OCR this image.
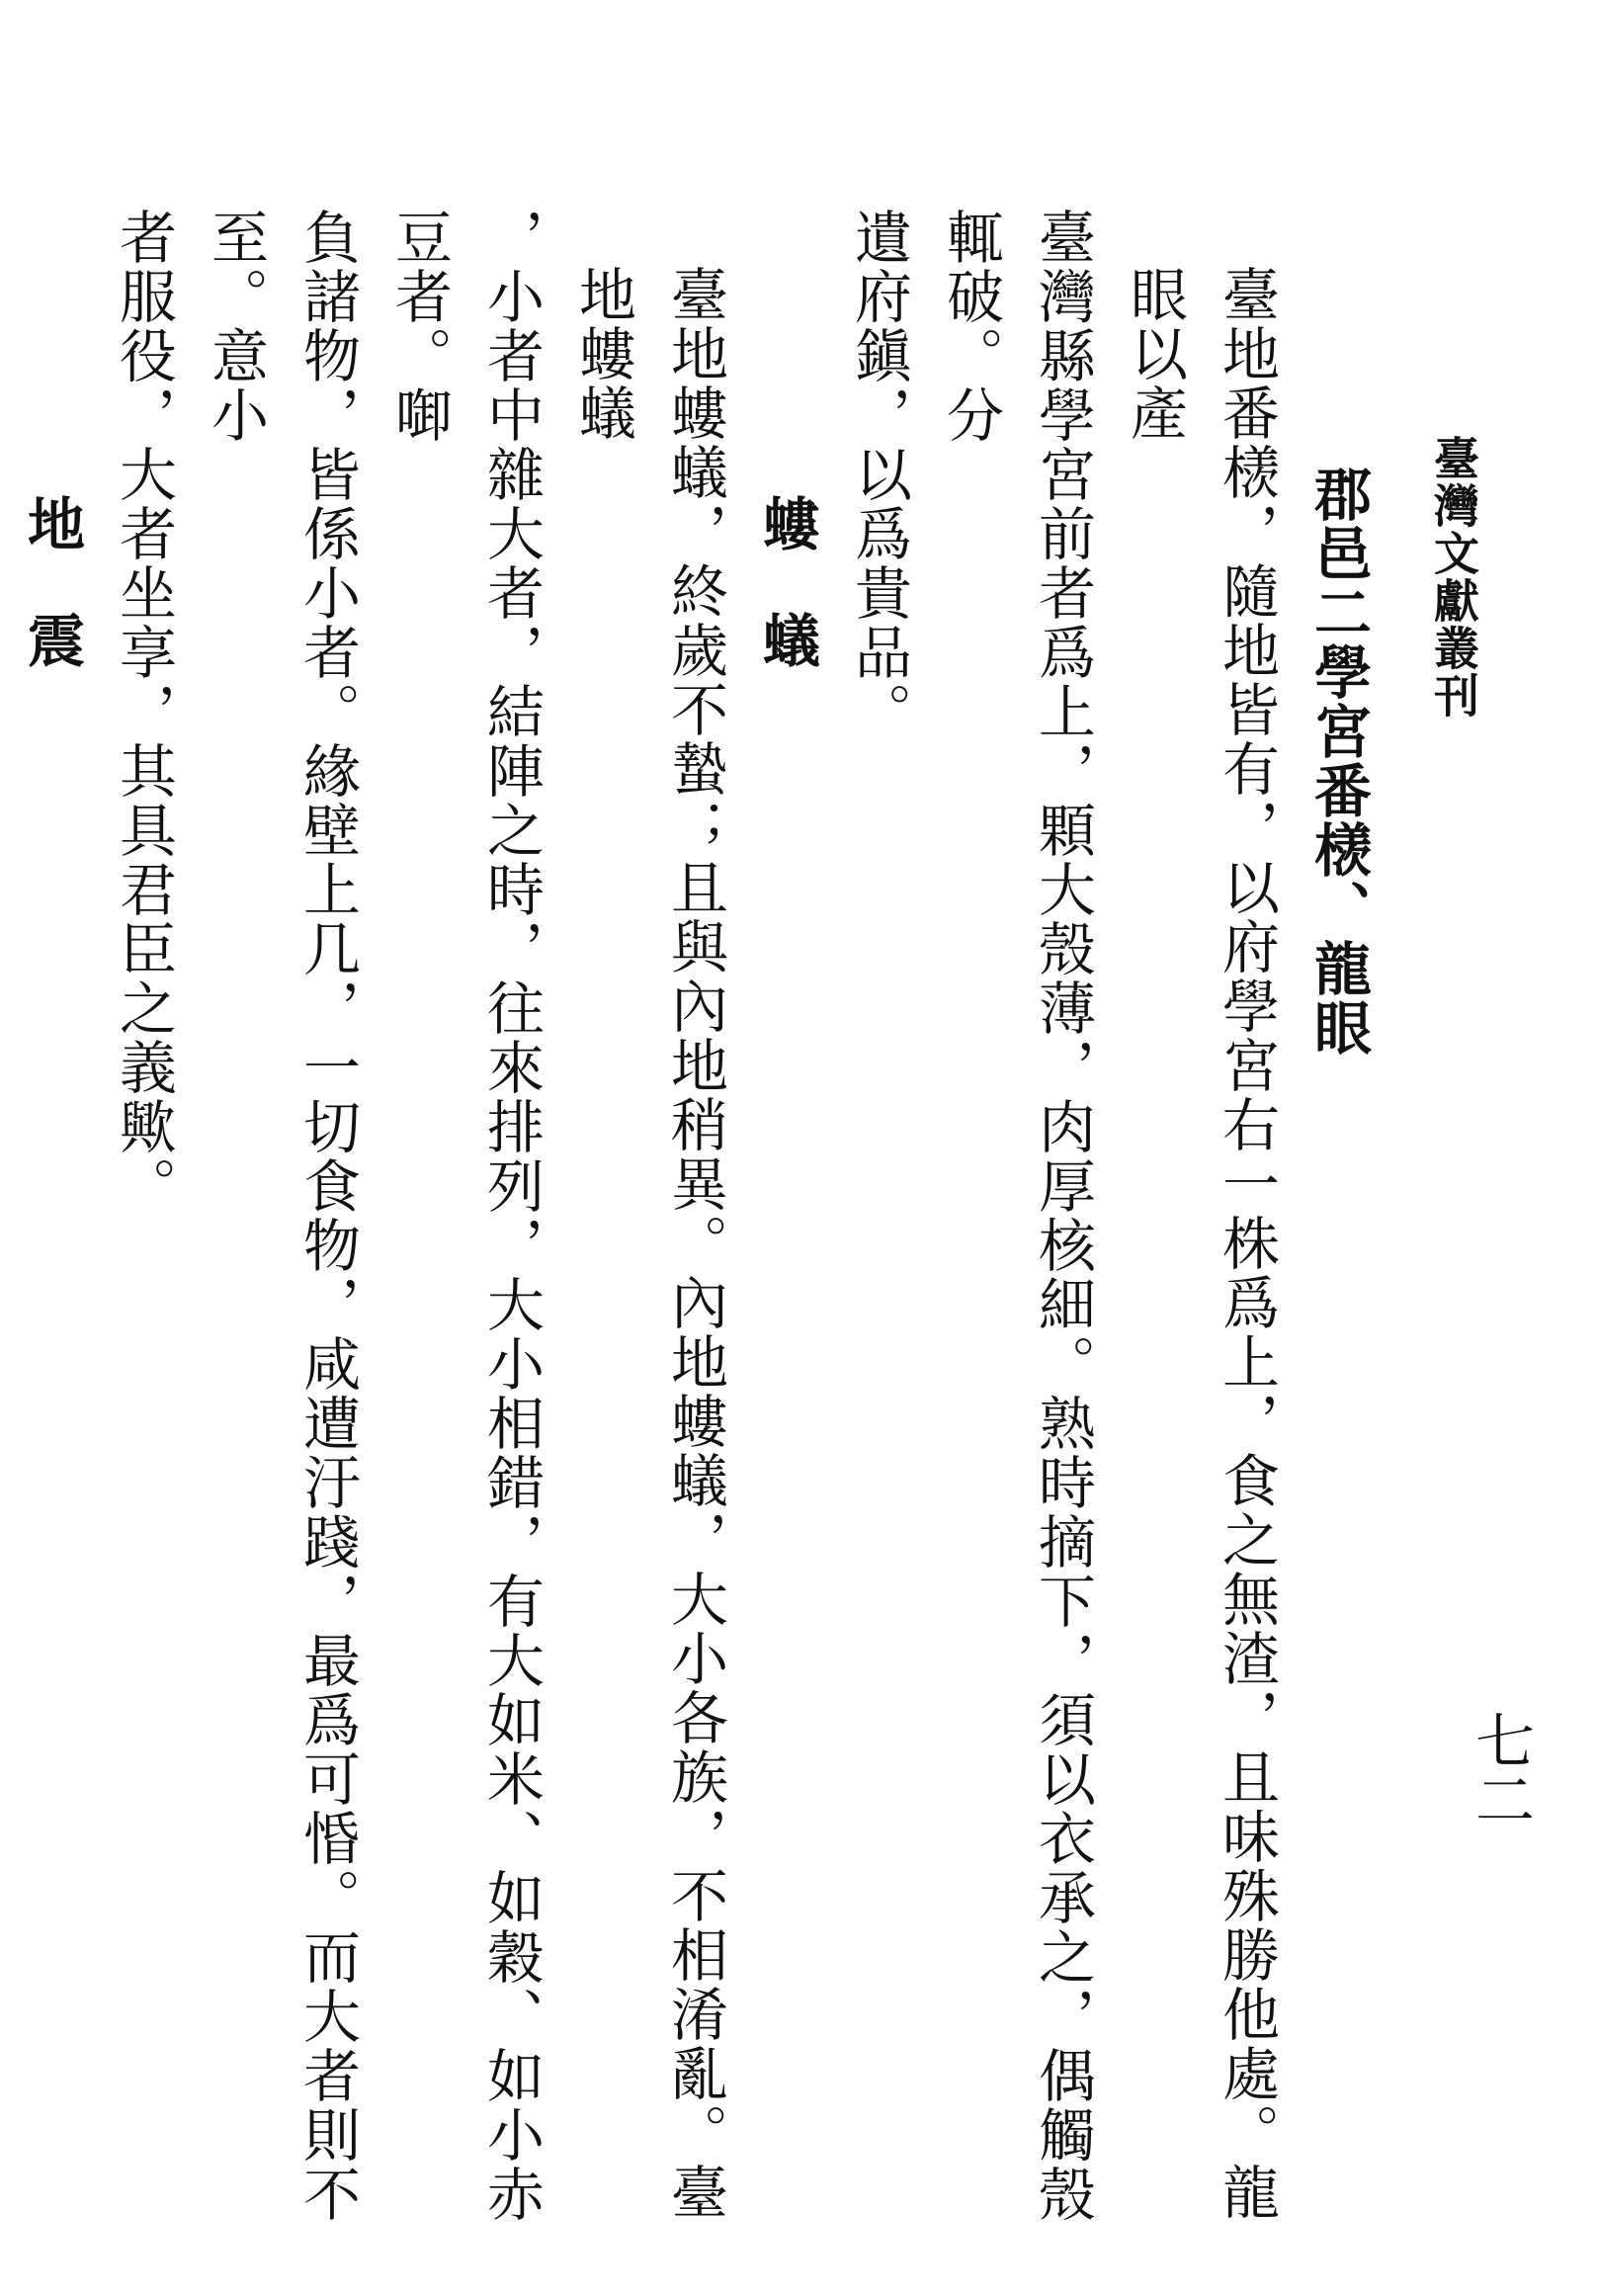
臺灣文獻叢刊
七二

郡邑二學宮番檨、龍眼

臺地番檨，隨地皆有，以府學宮右一株爲上，食之無渣，且味殊勝他處。龍眼以產

臺灣縣學宮前者爲上，顆大殼薄，肉厚核細。熟時摘下，須以衣承之，偶觸殼輒破。分

遺府鎭，以爲貴品。

螻蟻

臺地螻蟻，終歲不蟄；且與內地稍異。內地螻蟻，大小各族，不相淆亂。臺地螻蟻

，小者中雜大者，結陣之時，往來排列，大小相錯，有大如米、如穀、如小赤豆者。啣

負諸物，皆係小者。緣壁上几，一切食物，咸遭汙踐，最爲可惛。而大者則不至。意小

者服役，大者坐享，其具君臣之義歟。

地震
